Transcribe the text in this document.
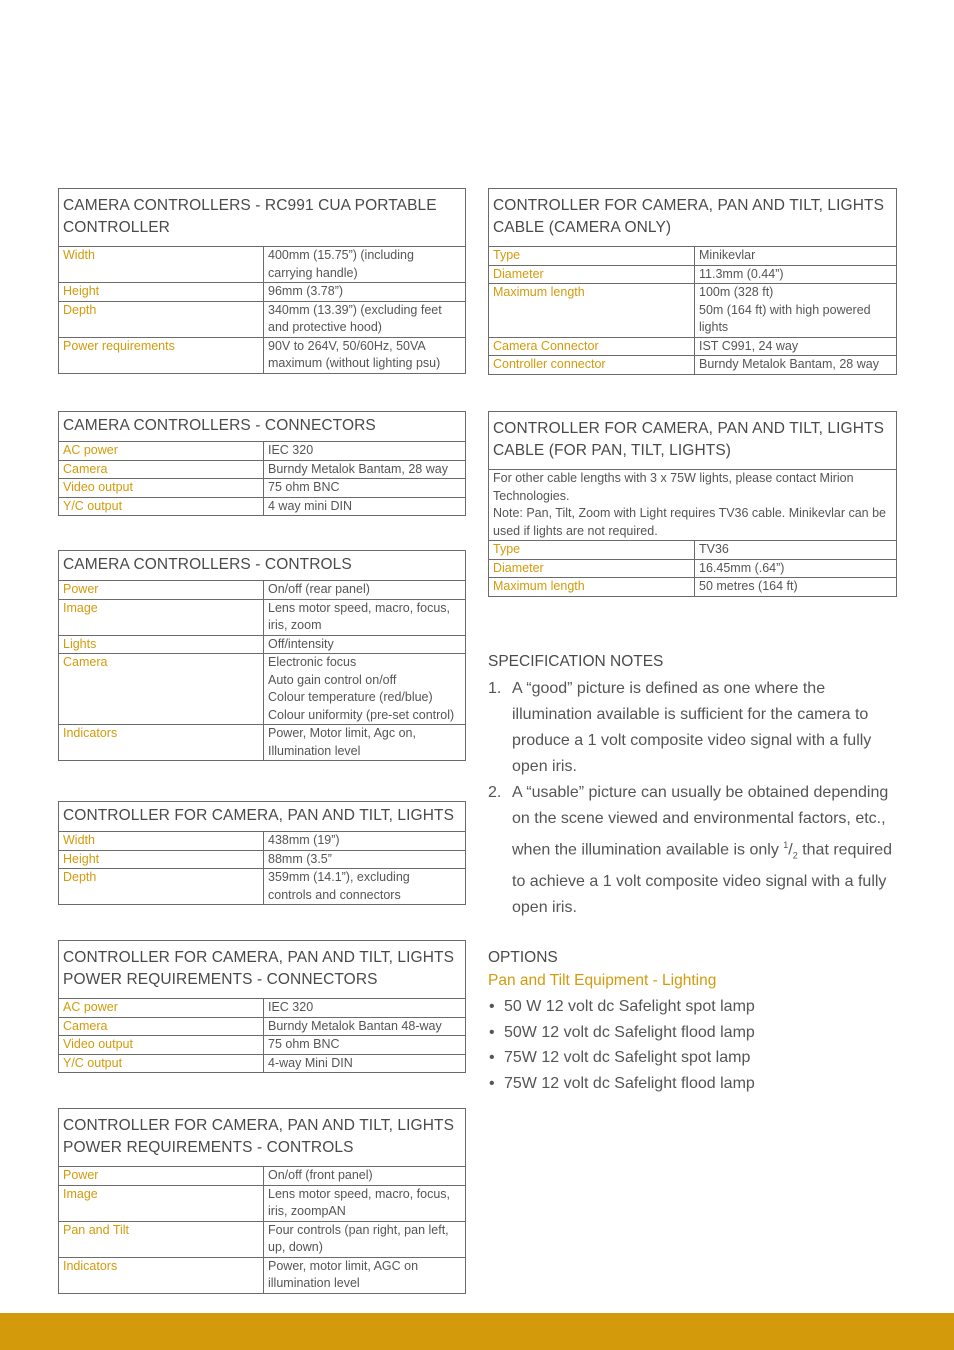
CAMERA CONTROLLERS - RC991 CUA PORTABLE CONTROLLER	
Width	400mm (15.75”) (including
carrying handle)

Height	96mm (3.78”)

Depth	340mm (13.39”) (excluding feet
and protective hood)

Power requirements	90V to 264V, 50/60Hz, 50VA
maximum (without lighting psu)
CAMERA CONTROLLERS - CONNECTORS	
AC power	IEC 320

Camera	Burndy Metalok Bantam, 28 way

Video output	75 ohm BNC

Y/C output	4 way mini DIN
CAMERA CONTROLLERS - CONTROLS	
Power	On/off (rear panel)

Image	Lens motor speed, macro, focus,
iris, zoom

Lights	Off/intensity

Camera	Electronic focus
Auto gain control on/off
Colour temperature (red/blue)
Colour uniformity (pre-set control)

Indicators	Power, Motor limit, Agc on,
Illumination level
CONTROLLER FOR CAMERA, PAN AND TILT, LIGHTS	
Width	438mm (19”)

Height	88mm (3.5”

Depth	359mm (14.1”), excluding
controls and connectors
CONTROLLER FOR CAMERA, PAN AND TILT, LIGHTS POWER REQUIREMENTS - CONNECTORS	
AC power	IEC 320

Camera	Burndy Metalok Bantan 48-way

Video output	75 ohm BNC

Y/C output	4-way Mini DIN
CONTROLLER FOR CAMERA, PAN AND TILT, LIGHTS POWER REQUIREMENTS - CONTROLS	
Power	On/off (front panel)

Image	Lens motor speed, macro, focus,
iris, zoompAN

Pan and Tilt	Four controls (pan right, pan left,
up, down)

Indicators	Power, motor limit, AGC on
illumination level
CONTROLLER FOR CAMERA, PAN AND TILT, LIGHTS CABLE (CAMERA ONLY)	
Type	Minikevlar

Diameter	11.3mm (0.44”)

Maximum length	100m (328 ft)
50m (164 ft) with high powered
lights

Camera Connector	IST C991, 24 way

Controller connector	Burndy Metalok Bantam, 28 way
CONTROLLER FOR CAMERA, PAN AND TILT, LIGHTS CABLE (FOR PAN, TILT, LIGHTS)	

For other cable lengths with 3 x 75W lights, please contact Mirion Technologies.
Note: Pan, Tilt, Zoom with Light requires TV36 cable. Minikevlar can be used if lights are not required.	

Type	TV36

Diameter	16.45mm (.64”)

Maximum length	50 metres (164 ft)
SPECIFICATION NOTES
1. A “good” picture is defined as one where the illumination available is sufficient for the camera to produce a 1 volt composite video signal with a fully open iris.
2. A “usable” picture can usually be obtained depending on the scene viewed and environmental factors, etc., when the illumination available is only $^1/_2$ that required to achieve a 1 volt composite video signal with a fully open iris.
OPTIONS
Pan and Tilt Equipment - Lighting
• 50 W 12 volt dc Safelight spot lamp
• 50W 12 volt dc Safelight flood lamp
• 75W 12 volt dc Safelight spot lamp
• 75W 12 volt dc Safelight flood lamp
